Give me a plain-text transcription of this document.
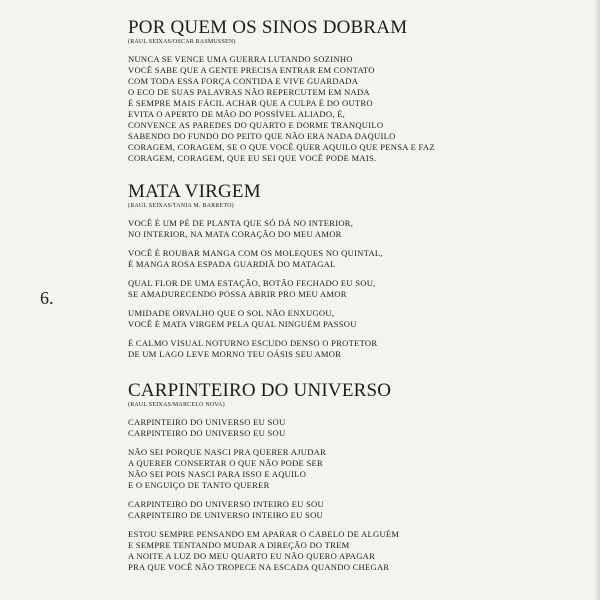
6.
POR QUEM OS SINOS DOBRAM
(RAUL SEIXAS/OSCAR RASMUSSEN)
NUNCA SE VENCE UMA GUERRA LUTANDO SOZINHO
VOCÊ SABE QUE A GENTE PRECISA ENTRAR EM CONTATO
COM TODA ESSA FORÇA CONTIDA E VIVE GUARDADA
O ECO DE SUAS PALAVRAS NÃO REPERCUTEM EM NADA
É SEMPRE MAIS FÁCIL ACHAR QUE A CULPA É DO OUTRO
EVITA O APERTO DE MÃO DO POSSÍVEL ALIADO, É,
CONVENCE AS PAREDES DO QUARTO E DORME TRANQUILO
SABENDO DO FUNDO DO PEITO QUE NÃO ERA NADA DAQUILO
CORAGEM, CORAGEM, SE O QUE VOCÊ QUER AQUILO QUE PENSA E FAZ
CORAGEM, CORAGEM, QUE EU SEI QUE VOCÊ PODE MAIS.
MATA VIRGEM
(RAUL SEIXAS/TANIA M. BARRETO)
VOCÊ É UM PÉ DE PLANTA QUE SÓ DÁ NO INTERIOR,
NO INTERIOR, NA MATA CORAÇÃO DO MEU AMOR
VOCÊ É ROUBAR MANGA COM OS MOLEQUES NO QUINTAL,
É MANGA ROSA ESPADA GUARDIÃ DO MATAGAL
QUAL FLOR DE UMA ESTAÇÃO, BOTÃO FECHADO EU SOU,
SE AMADURECENDO POSSA ABRIR PRO MEU AMOR
UMIDADE ORVALHO QUE O SOL NÃO ENXUGOU,
VOCÊ É MATA VIRGEM PELA QUAL NINGUÉM PASSOU
É CALMO VISUAL NOTURNO ESCUDO DENSO O PROTETOR
DE UM LAGO LEVE MORNO TEU OÁSIS SEU AMOR
CARPINTEIRO DO UNIVERSO
(RAUL SEIXAS/MARCELO NOVA)
CARPINTEIRO DO UNIVERSO EU SOU
CARPINTEIRO DO UNIVERSO EU SOU
NÃO SEI PORQUE NASCI PRA QUERER AJUDAR
A QUERER CONSERTAR O QUE NÃO PODE SER
NÃO SEI POIS NASCI PARA ISSO E AQUILO
E O ENGUIÇO DE TANTO QUERER
CARPINTEIRO DO UNIVERSO INTEIRO EU SOU
CARPINTEIRO DE UNIVERSO INTEIRO EU SOU
ESTOU SEMPRE PENSANDO EM APARAR O CABELO DE ALGUÉM
E SEMPRE TENTANDO MUDAR A DIREÇÃO DO TREM
A NOITE A LUZ DO MEU QUARTO EU NÃO QUERO APAGAR
PRA QUE VOCÊ NÃO TROPECE NA ESCADA QUANDO CHEGAR
